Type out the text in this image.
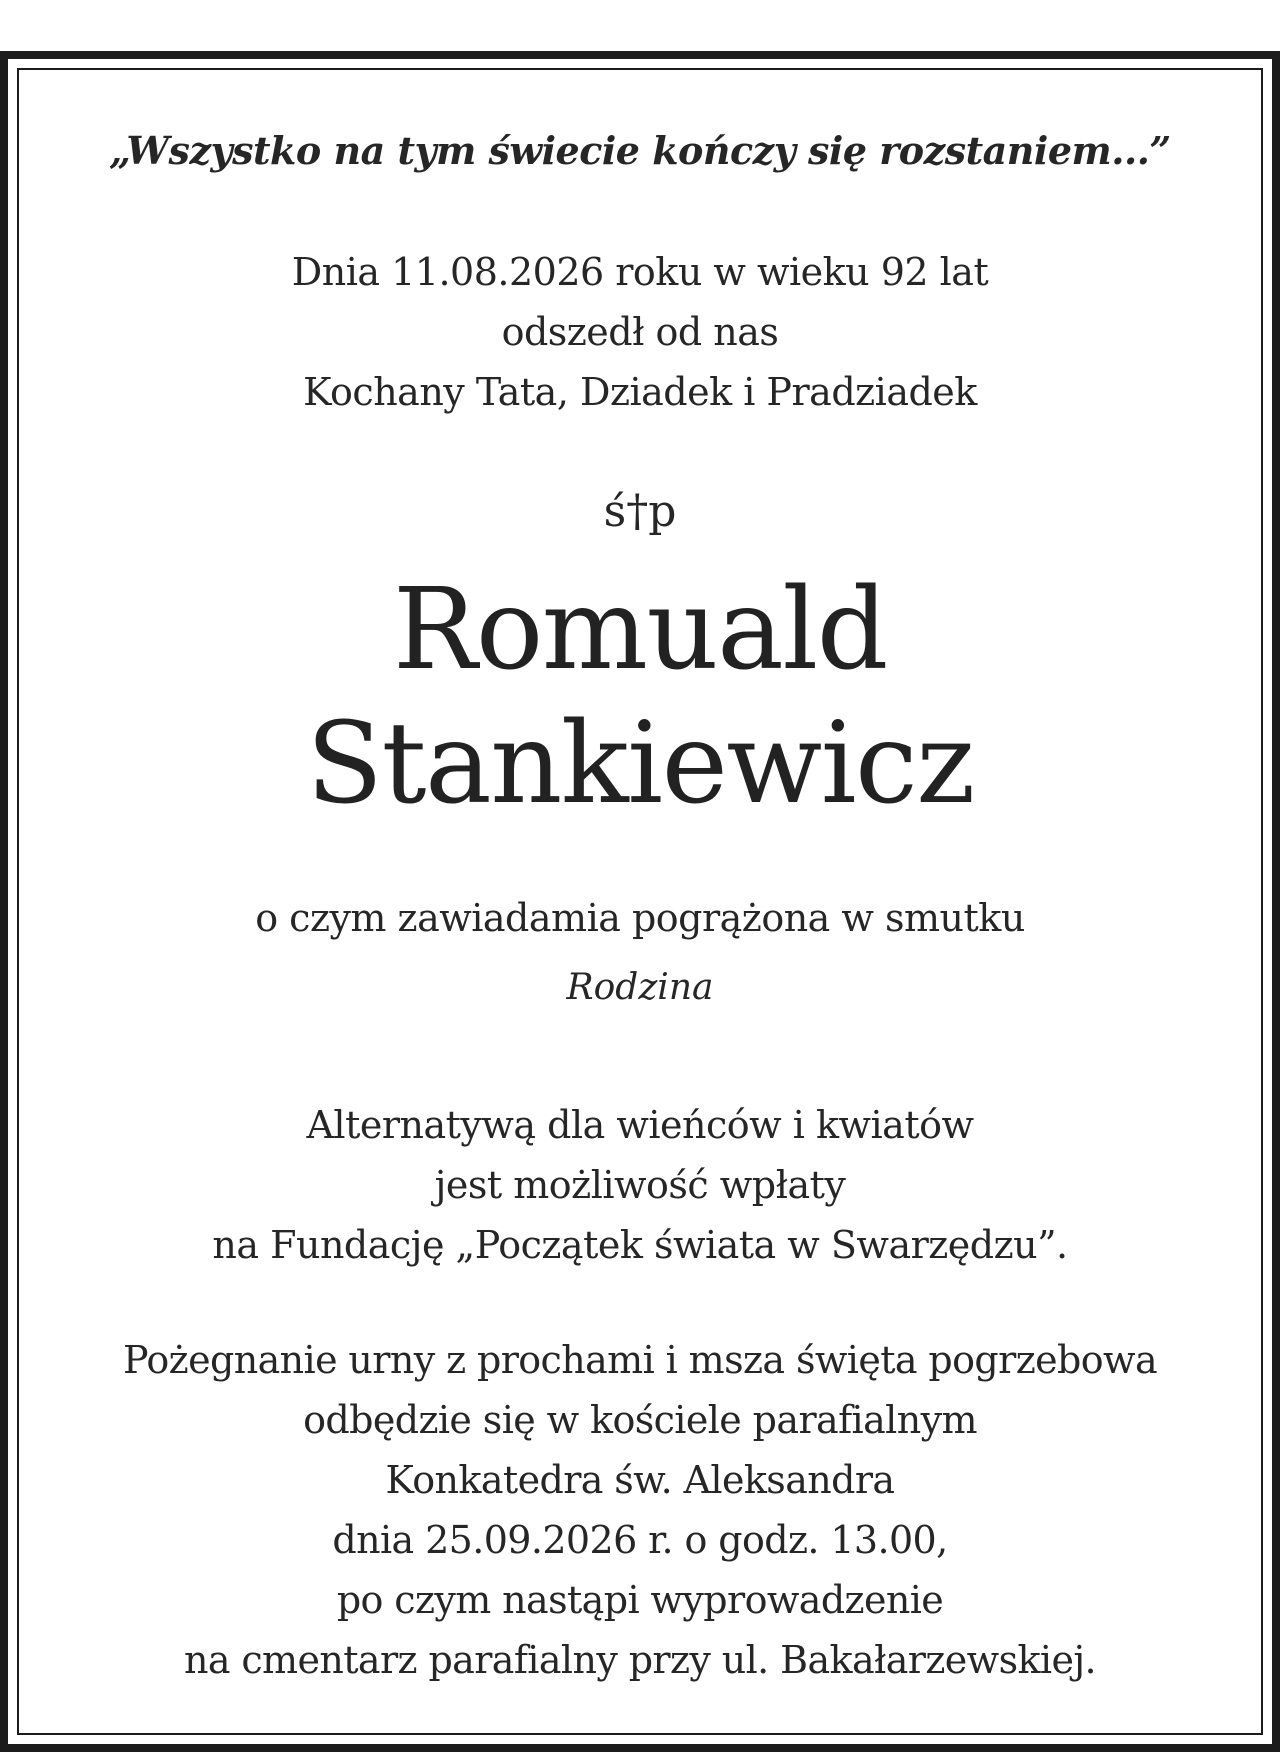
„Wszystko na tym świecie kończy się rozstaniem...”

Dnia 11.08.2026 roku w wieku 92 lat
odszedł od nas
Kochany Tata, Dziadek i Pradziadek
ś†p
Romuald
Stankiewicz
o czym zawiadamia pogrążona w smutku
Rodzina
Alternatywą dla wieńców i kwiatów
jest możliwość wpłaty
na Fundację „Początek świata w Swarzędzu”.
Pożegnanie urny z prochami i msza święta pogrzebowa
odbędzie się w kościele parafialnym
Konkatedra św. Aleksandra
dnia 25.09.2026 r. o godz. 13.00,
po czym nastąpi wyprowadzenie
na cmentarz parafialny przy ul. Bakałarzewskiej.
